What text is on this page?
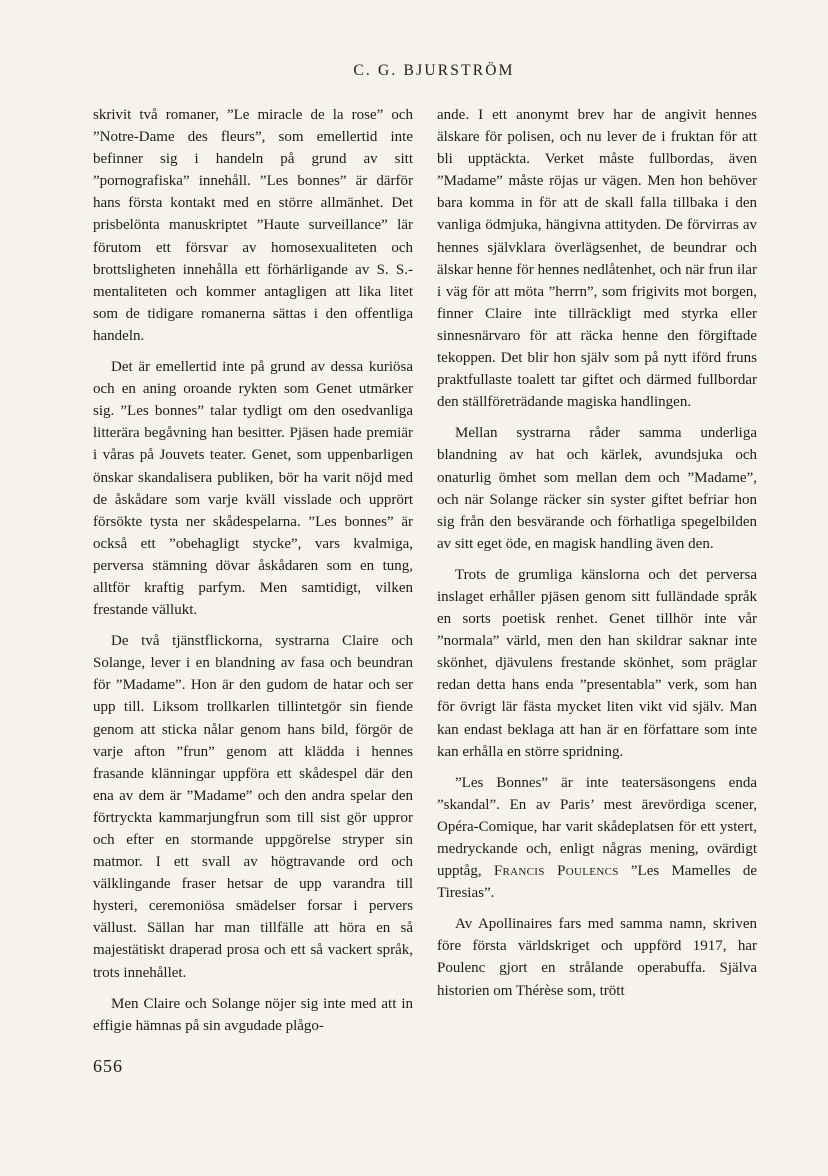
C. G. BJURSTRÖM

skrivit två romaner, ”Le miracle de la rose” och ”Notre-Dame des fleurs”, som emellertid inte befinner sig i handeln på grund av sitt ”pornografiska” innehåll. ”Les bonnes” är därför hans första kontakt med en större allmänhet. Det prisbelönta manuskriptet ”Haute surveillance” lär förutom ett försvar av homosexualiteten och brottsligheten innehålla ett förhärligande av S. S.-mentaliteten och kommer antagligen att lika litet som de tidigare romanerna sättas i den offentliga handeln.

Det är emellertid inte på grund av dessa kuriösa och en aning oroande rykten som Genet utmärker sig. ”Les bonnes” talar tydligt om den osedvanliga litterära begåvning han besitter. Pjäsen hade premiär i våras på Jouvets teater. Genet, som uppenbarligen önskar skandalisera publiken, bör ha varit nöjd med de åskådare som varje kväll visslade och upprört försökte tysta ner skådespelarna. ”Les bonnes” är också ett ”obehagligt stycke”, vars kvalmiga, perversa stämning dövar åskådaren som en tung, alltför kraftig parfym. Men samtidigt, vilken frestande vällukt.

De två tjänstflickorna, systrarna Claire och Solange, lever i en blandning av fasa och beundran för ”Madame”. Hon är den gudom de hatar och ser upp till. Liksom trollkarlen tillintetgör sin fiende genom att sticka nålar genom hans bild, förgör de varje afton ”frun” genom att klädda i hennes frasande klänningar uppföra ett skådespel där den ena av dem är ”Madame” och den andra spelar den förtryckta kammarjungfrun som till sist gör uppror och efter en stormande uppgörelse stryper sin matmor. I ett svall av högtravande ord och välklingande fraser hetsar de upp varandra till hysteri, ceremoniösa smädelser forsar i pervers vällust. Sällan har man tillfälle att höra en så majestätiskt draperad prosa och ett så vackert språk, trots innehållet.

Men Claire och Solange nöjer sig inte med att in effigie hämnas på sin avgudade plågo-

ande. I ett anonymt brev har de angivit hennes älskare för polisen, och nu lever de i fruktan för att bli upptäckta. Verket måste fullbordas, även ”Madame” måste röjas ur vägen. Men hon behöver bara komma in för att de skall falla tillbaka i den vanliga ödmjuka, hängivna attityden. De förvirras av hennes självklara överlägsenhet, de beundrar och älskar henne för hennes nedlåtenhet, och när frun ilar i väg för att möta ”herrn”, som frigivits mot borgen, finner Claire inte tillräckligt med styrka eller sinnesnärvaro för att räcka henne den förgiftade tekoppen. Det blir hon själv som på nytt iförd fruns praktfullaste toalett tar giftet och därmed fullbordar den ställföreträdande magiska handlingen.

Mellan systrarna råder samma underliga blandning av hat och kärlek, avundsjuka och onaturlig ömhet som mellan dem och ”Madame”, och när Solange räcker sin syster giftet befriar hon sig från den besvärande och förhatliga spegelbilden av sitt eget öde, en magisk handling även den.

Trots de grumliga känslorna och det perversa inslaget erhåller pjäsen genom sitt fulländade språk en sorts poetisk renhet. Genet tillhör inte vår ”normala” värld, men den han skildrar saknar inte skönhet, djävulens frestande skönhet, som präglar redan detta hans enda ”presentabla” verk, som han för övrigt lär fästa mycket liten vikt vid själv. Man kan endast beklaga att han är en författare som inte kan erhålla en större spridning.

”Les Bonnes” är inte teatersäsongens enda ”skandal”. En av Paris’ mest ärevördiga scener, Opéra-Comique, har varit skådeplatsen för ett ystert, medryckande och, enligt någras mening, ovärdigt upptåg, Francis Poulencs ”Les Mamelles de Tiresias”.

Av Apollinaires fars med samma namn, skriven före första världskriget och uppförd 1917, har Poulenc gjort en strålande operabuffa. Själva historien om Thérèse som, trött

656
